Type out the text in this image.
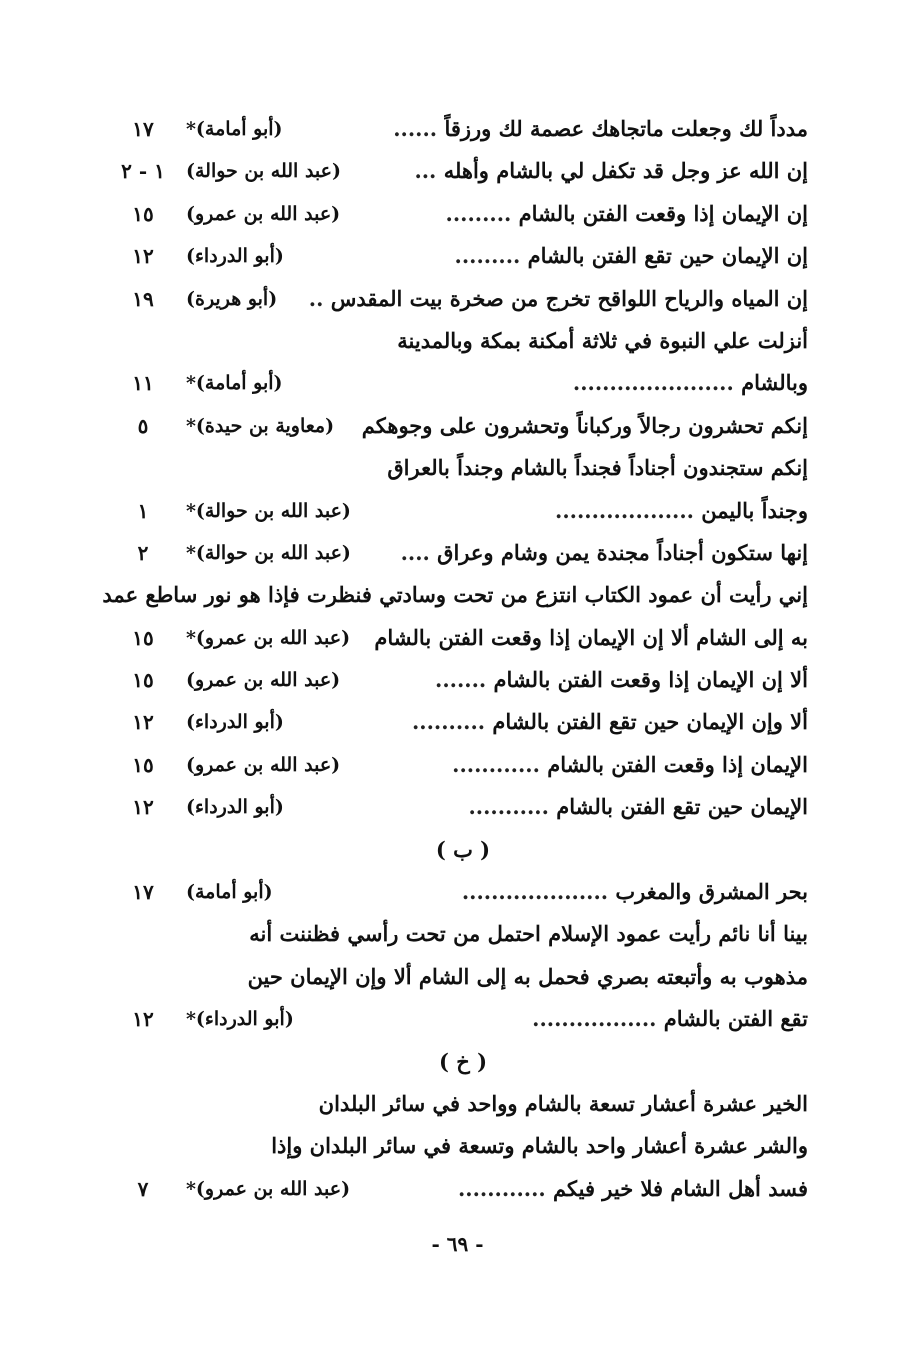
مدداً لك وجعلت ماتجاهك عصمة لك ورزقاً ......
(أبو أمامة)*
١٧
إن الله عز وجل قد تكفل لي بالشام وأهله ...
(عبد الله بن حوالة)
١ - ٢
إن الإيمان إذا وقعت الفتن بالشام .........
(عبد الله بن عمرو)
١٥
إن الإيمان حين تقع الفتن بالشام .........
(أبو الدرداء)
١٢
إن المياه والرياح اللواقح تخرج من صخرة بيت المقدس ..
(أبو هريرة)
١٩
أنزلت علي النبوة في ثلاثة أمكنة بمكة وبالمدينة
وبالشام ......................
(أبو أمامة)*
١١
إنكم تحشرون رجالاً وركباناً وتحشرون على وجوهكم
(معاوية بن حيدة)*
٥
إنكم ستجندون أجناداً فجنداً بالشام وجنداً بالعراق
وجنداً باليمن ...................
(عبد الله بن حوالة)*
١
إنها ستكون أجناداً مجندة يمن وشام وعراق ....
(عبد الله بن حوالة)*
٢
إني رأيت أن عمود الكتاب انتزع من تحت وسادتي فنظرت فإذا هو نور ساطع عمد
به إلى الشام ألا إن الإيمان إذا وقعت الفتن بالشام
(عبد الله بن عمرو)*
١٥
ألا إن الإيمان إذا وقعت الفتن بالشام .......
(عبد الله بن عمرو)
١٥
ألا وإن الإيمان حين تقع الفتن بالشام ..........
(أبو الدرداء)
١٢
الإيمان إذا وقعت الفتن بالشام ............
(عبد الله بن عمرو)
١٥
الإيمان حين تقع الفتن بالشام ...........
(أبو الدرداء)
١٢
( ب )
بحر المشرق والمغرب ....................
(أبو أمامة)
١٧
بينا أنا نائم رأيت عمود الإسلام احتمل من تحت رأسي فظننت أنه
مذهوب به وأتبعته بصري فحمل به إلى الشام ألا وإن الإيمان حين
تقع الفتن بالشام .................
(أبو الدرداء)*
١٢
( خ )
الخير عشرة أعشار تسعة بالشام وواحد في سائر البلدان
والشر عشرة أعشار واحد بالشام وتسعة في سائر البلدان وإذا
فسد أهل الشام فلا خير فيكم ............
(عبد الله بن عمرو)*
٧
- ٦٩ -
